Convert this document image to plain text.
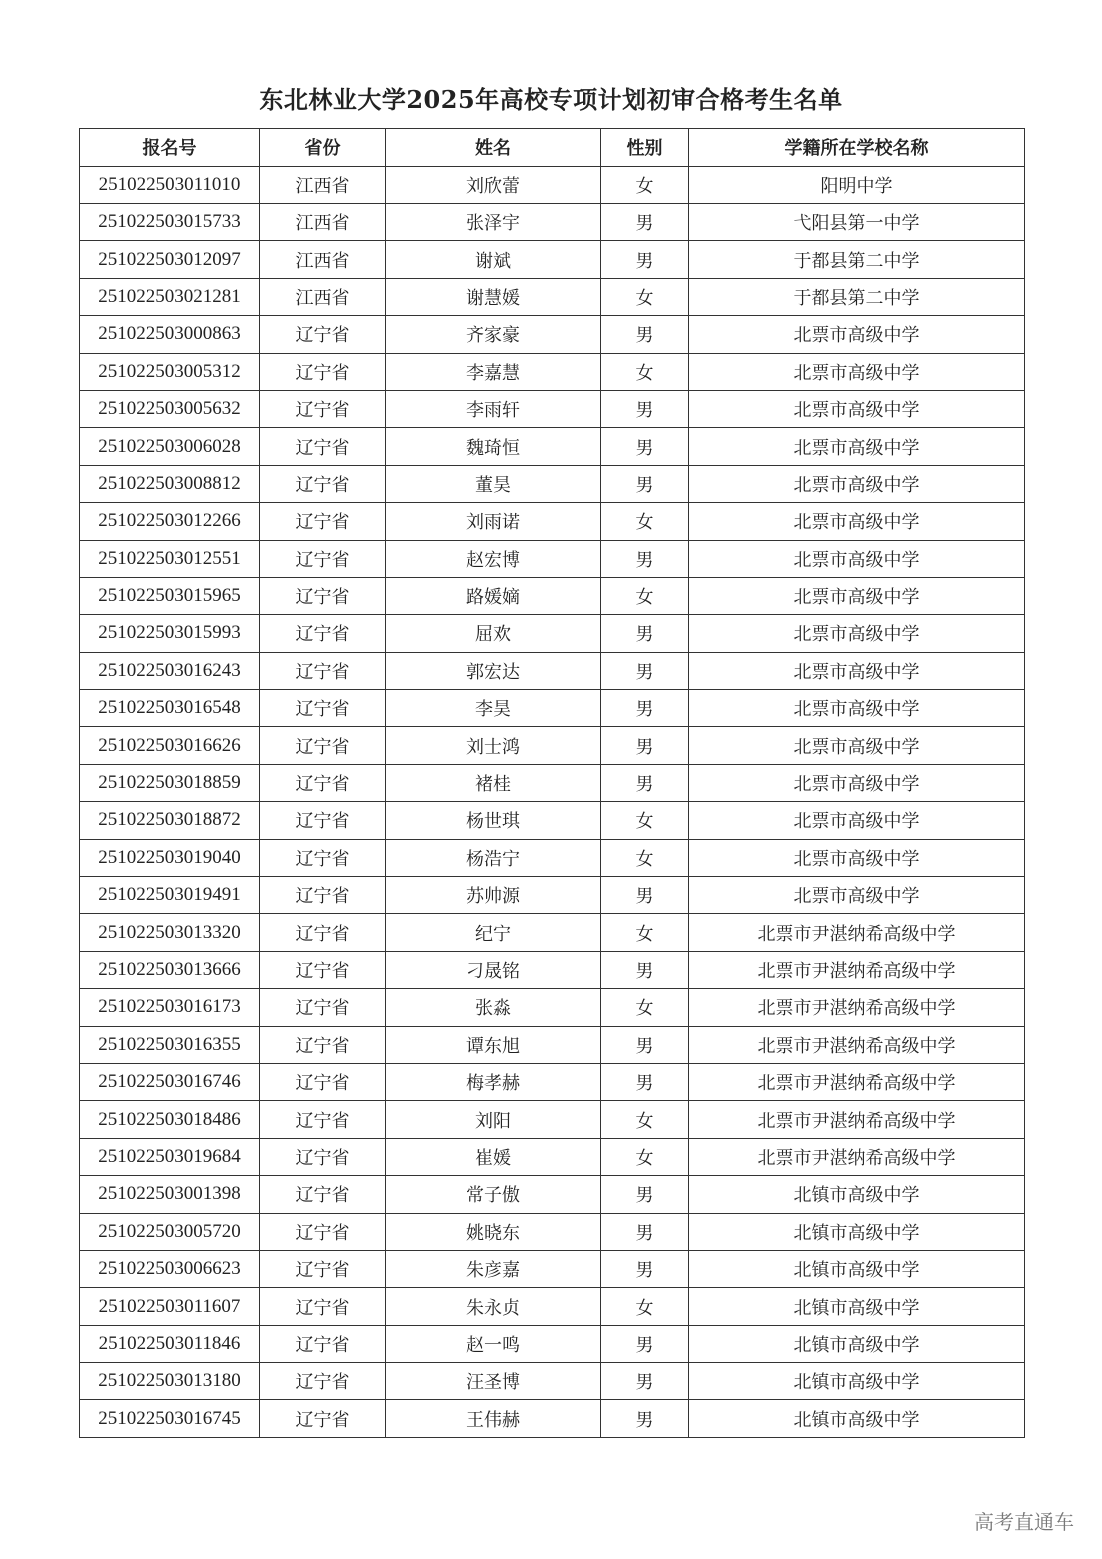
东北林业大学2025年高校专项计划初审合格考生名单
报名号	省份	姓名	性别	学籍所在学校名称
251022503011010	江西省	刘欣蕾	女	阳明中学
251022503015733	江西省	张泽宇	男	弋阳县第一中学
251022503012097	江西省	谢斌	男	于都县第二中学
251022503021281	江西省	谢慧媛	女	于都县第二中学
251022503000863	辽宁省	齐家豪	男	北票市高级中学
251022503005312	辽宁省	李嘉慧	女	北票市高级中学
251022503005632	辽宁省	李雨轩	男	北票市高级中学
251022503006028	辽宁省	魏琦恒	男	北票市高级中学
251022503008812	辽宁省	董昊	男	北票市高级中学
251022503012266	辽宁省	刘雨诺	女	北票市高级中学
251022503012551	辽宁省	赵宏博	男	北票市高级中学
251022503015965	辽宁省	路媛嫡	女	北票市高级中学
251022503015993	辽宁省	屈欢	男	北票市高级中学
251022503016243	辽宁省	郭宏达	男	北票市高级中学
251022503016548	辽宁省	李昊	男	北票市高级中学
251022503016626	辽宁省	刘士鸿	男	北票市高级中学
251022503018859	辽宁省	褚桂	男	北票市高级中学
251022503018872	辽宁省	杨世琪	女	北票市高级中学
251022503019040	辽宁省	杨浩宁	女	北票市高级中学
251022503019491	辽宁省	苏帅源	男	北票市高级中学
251022503013320	辽宁省	纪宁	女	北票市尹湛纳希高级中学
251022503013666	辽宁省	刁晟铭	男	北票市尹湛纳希高级中学
251022503016173	辽宁省	张淼	女	北票市尹湛纳希高级中学
251022503016355	辽宁省	谭东旭	男	北票市尹湛纳希高级中学
251022503016746	辽宁省	梅孝赫	男	北票市尹湛纳希高级中学
251022503018486	辽宁省	刘阳	女	北票市尹湛纳希高级中学
251022503019684	辽宁省	崔媛	女	北票市尹湛纳希高级中学
251022503001398	辽宁省	常子傲	男	北镇市高级中学
251022503005720	辽宁省	姚晓东	男	北镇市高级中学
251022503006623	辽宁省	朱彦嘉	男	北镇市高级中学
251022503011607	辽宁省	朱永贞	女	北镇市高级中学
251022503011846	辽宁省	赵一鸣	男	北镇市高级中学
251022503013180	辽宁省	汪圣博	男	北镇市高级中学
251022503016745	辽宁省	王伟赫	男	北镇市高级中学
高考直通车
